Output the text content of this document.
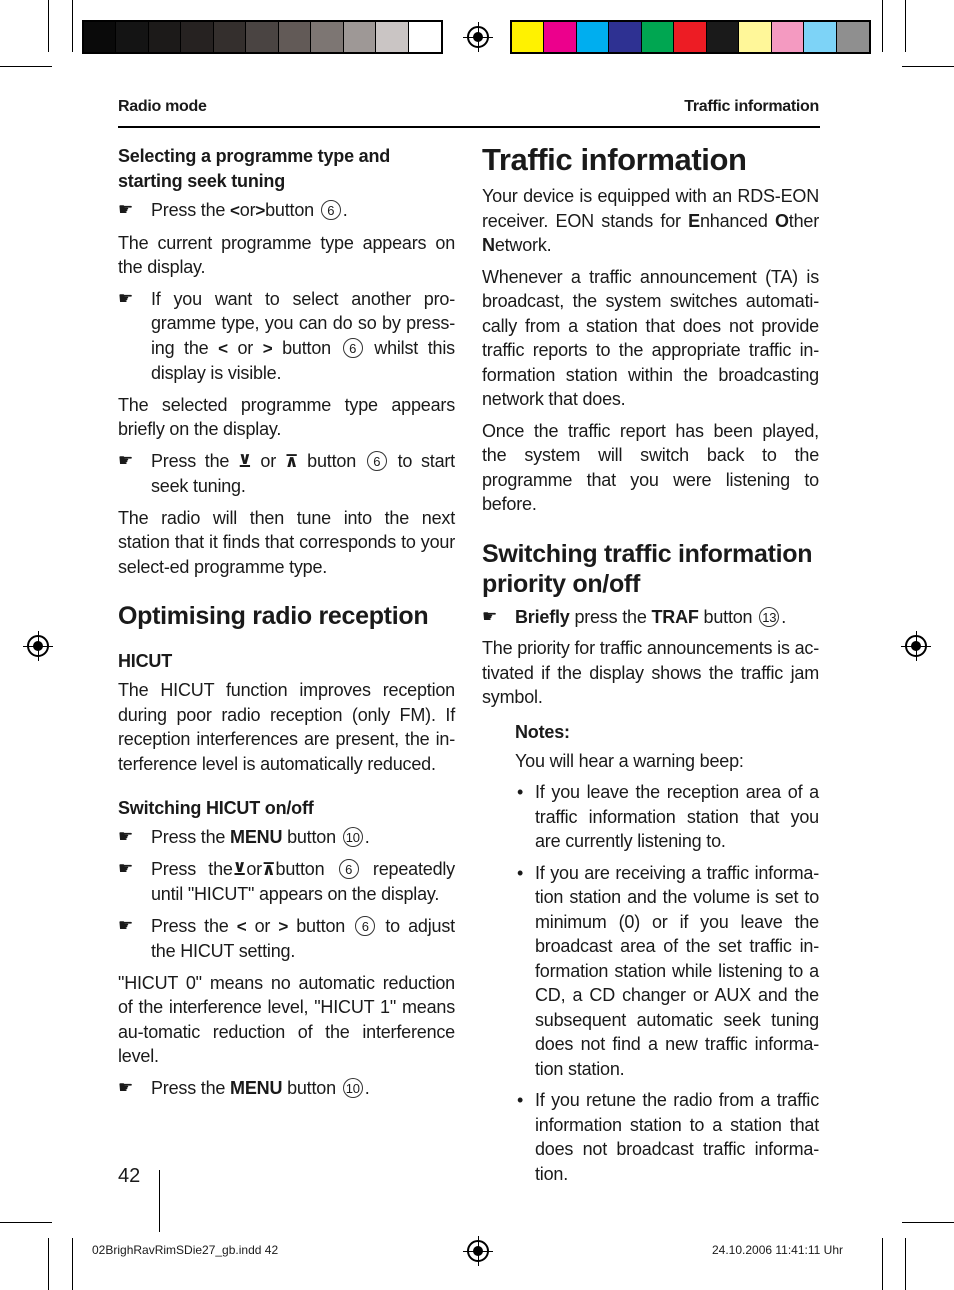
Radio mode	Traffic information
Selecting a programme type and starting seek tuning
☛ Press the <or>button 6 .

The current programme type appears on the display.

☛ If you want to select another pro-gramme type, you can do so by press-ing the < or > button 6 whilst this display is visible.

The selected programme type appears briefly on the display.

☛ Press the ⊻ or ⊼ button 6 to start seek tuning.

The radio will then tune into the next station that it finds that corresponds to your select-ed programme type.

Optimising radio reception
HICUT

The HICUT function improves reception during poor radio reception (only FM). If reception interferences are present, the in-terference level is automatically reduced.

Switching HICUT on/off
☛ Press the MENU button 10 .
☛ Press the⊻or⊼button 6 repeatedly until "HICUT" appears on the display.
☛ Press the < or > button 6 to adjust the HICUT setting.

"HICUT 0" means no automatic reduction of the interference level, "HICUT 1" means au-tomatic reduction of the interference level.

☛ Press the MENU button 10 .
Traffic information

Your device is equipped with an RDS-EON receiver. EON stands for Enhanced Other Network.

Whenever a traffic announcement (TA) is broadcast, the system switches automati-cally from a station that does not provide traffic reports to the appropriate traffic in-formation station within the broadcasting network that does.

Once the traffic report has been played, the system will switch back to the programme that you were listening to before.

Switching traffic information priority on/off
☛ Briefly press the TRAF button 13 .

The priority for traffic announcements is ac-tivated if the display shows the traffic jam symbol.

Notes:

You will hear a warning beep:

• If you leave the reception area of a traffic information station that you are currently listening to.
• If you are receiving a traffic informa-tion station and the volume is set to minimum (0) or if you leave the broadcast area of the set traffic in-formation station while listening to a CD, a CD changer or AUX and the subsequent automatic seek tuning does not find a new traffic informa-tion station.
• If you retune the radio from a traffic information station to a station that does not broadcast traffic informa-tion.
42
02BrighRavRimSDie27_gb.indd 42	24.10.2006 11:41:11 Uhr
